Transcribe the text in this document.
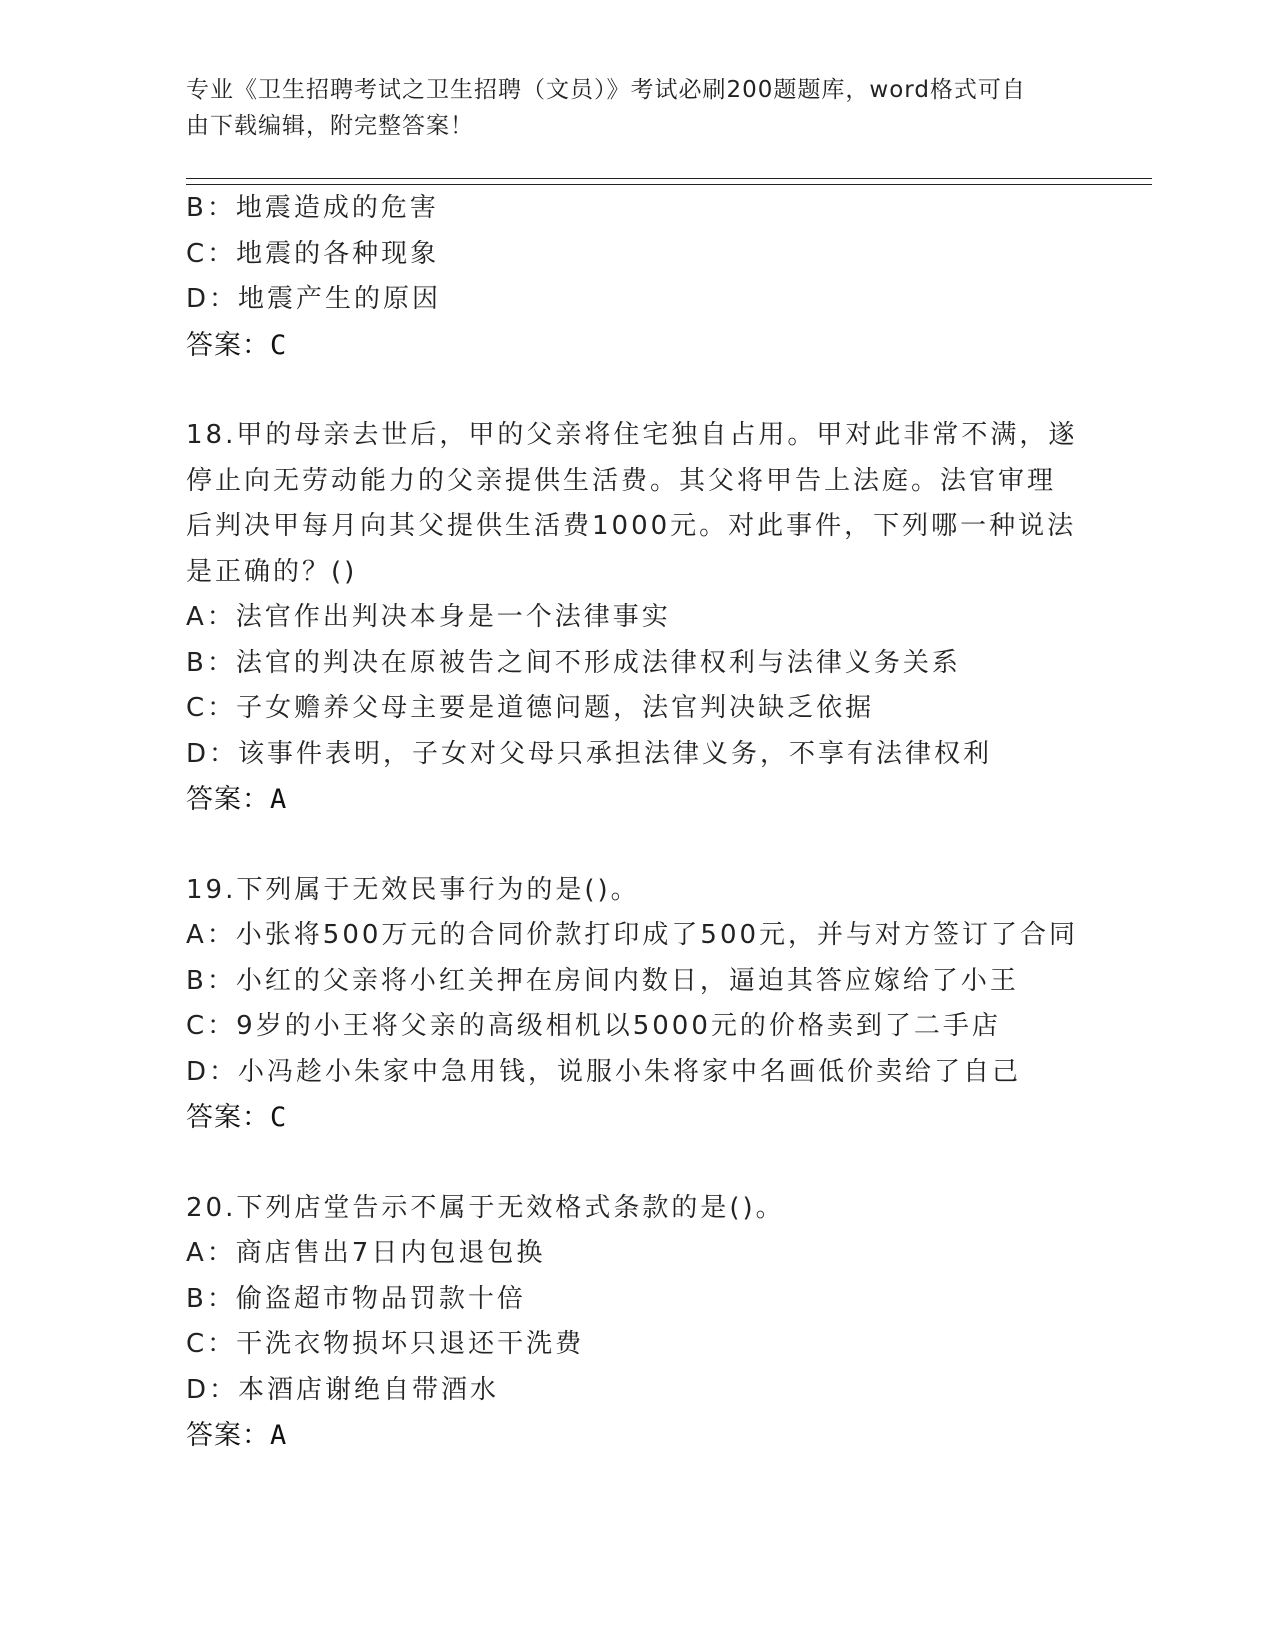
专业《卫生招聘考试之卫生招聘（文员）》考试必刷200题题库，word格式可自
由下载编辑，附完整答案！
B：地震造成的危害
C：地震的各种现象
D：地震产生的原因
答案：C
18.甲的母亲去世后，甲的父亲将住宅独自占用。甲对此非常不满，遂
停止向无劳动能力的父亲提供生活费。其父将甲告上法庭。法官审理
后判决甲每月向其父提供生活费1000元。对此事件，下列哪一种说法
是正确的？()
A：法官作出判决本身是一个法律事实
B：法官的判决在原被告之间不形成法律权利与法律义务关系
C：子女赡养父母主要是道德问题，法官判决缺乏依据
D：该事件表明，子女对父母只承担法律义务，不享有法律权利
答案：A
19.下列属于无效民事行为的是()。
A：小张将500万元的合同价款打印成了500元，并与对方签订了合同
B：小红的父亲将小红关押在房间内数日，逼迫其答应嫁给了小王
C：9岁的小王将父亲的高级相机以5000元的价格卖到了二手店
D：小冯趁小朱家中急用钱，说服小朱将家中名画低价卖给了自己
答案：C
20.下列店堂告示不属于无效格式条款的是()。
A：商店售出7日内包退包换
B：偷盗超市物品罚款十倍
C：干洗衣物损坏只退还干洗费
D：本酒店谢绝自带酒水
答案：A
